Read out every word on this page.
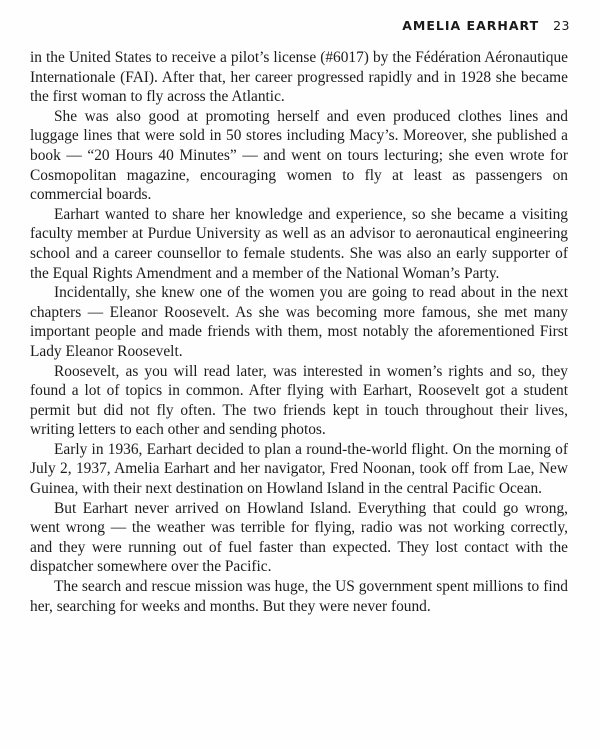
AMELIA EARHART 23

in the United States to receive a pilot’s license (#6017) by the Fédération Aéronautique Internationale (FAI). After that, her career progressed rapidly and in 1928 she became the first woman to fly across the Atlantic.

She was also good at promoting herself and even produced clothes lines and luggage lines that were sold in 50 stores including Macy’s. Moreover, she published a book — “20 Hours 40 Minutes” — and went on tours lecturing; she even wrote for Cosmopolitan magazine, encouraging women to fly at least as passengers on commercial boards.

Earhart wanted to share her knowledge and experience, so she became a visiting faculty member at Purdue University as well as an advisor to aeronautical engineering school and a career counsellor to female students. She was also an early supporter of the Equal Rights Amendment and a member of the National Woman’s Party.

Incidentally, she knew one of the women you are going to read about in the next chapters — Eleanor Roosevelt. As she was becoming more famous, she met many important people and made friends with them, most notably the aforementioned First Lady Eleanor Roosevelt.

Roosevelt, as you will read later, was interested in women’s rights and so, they found a lot of topics in common. After flying with Earhart, Roosevelt got a student permit but did not fly often. The two friends kept in touch throughout their lives, writing letters to each other and sending photos.

Early in 1936, Earhart decided to plan a round-the-world flight. On the morning of July 2, 1937, Amelia Earhart and her navigator, Fred Noonan, took off from Lae, New Guinea, with their next destination on Howland Island in the central Pacific Ocean.

But Earhart never arrived on Howland Island. Everything that could go wrong, went wrong — the weather was terrible for flying, radio was not working correctly, and they were running out of fuel faster than expected. They lost contact with the dispatcher somewhere over the Pacific.

The search and rescue mission was huge, the US government spent millions to find her, searching for weeks and months. But they were never found.
